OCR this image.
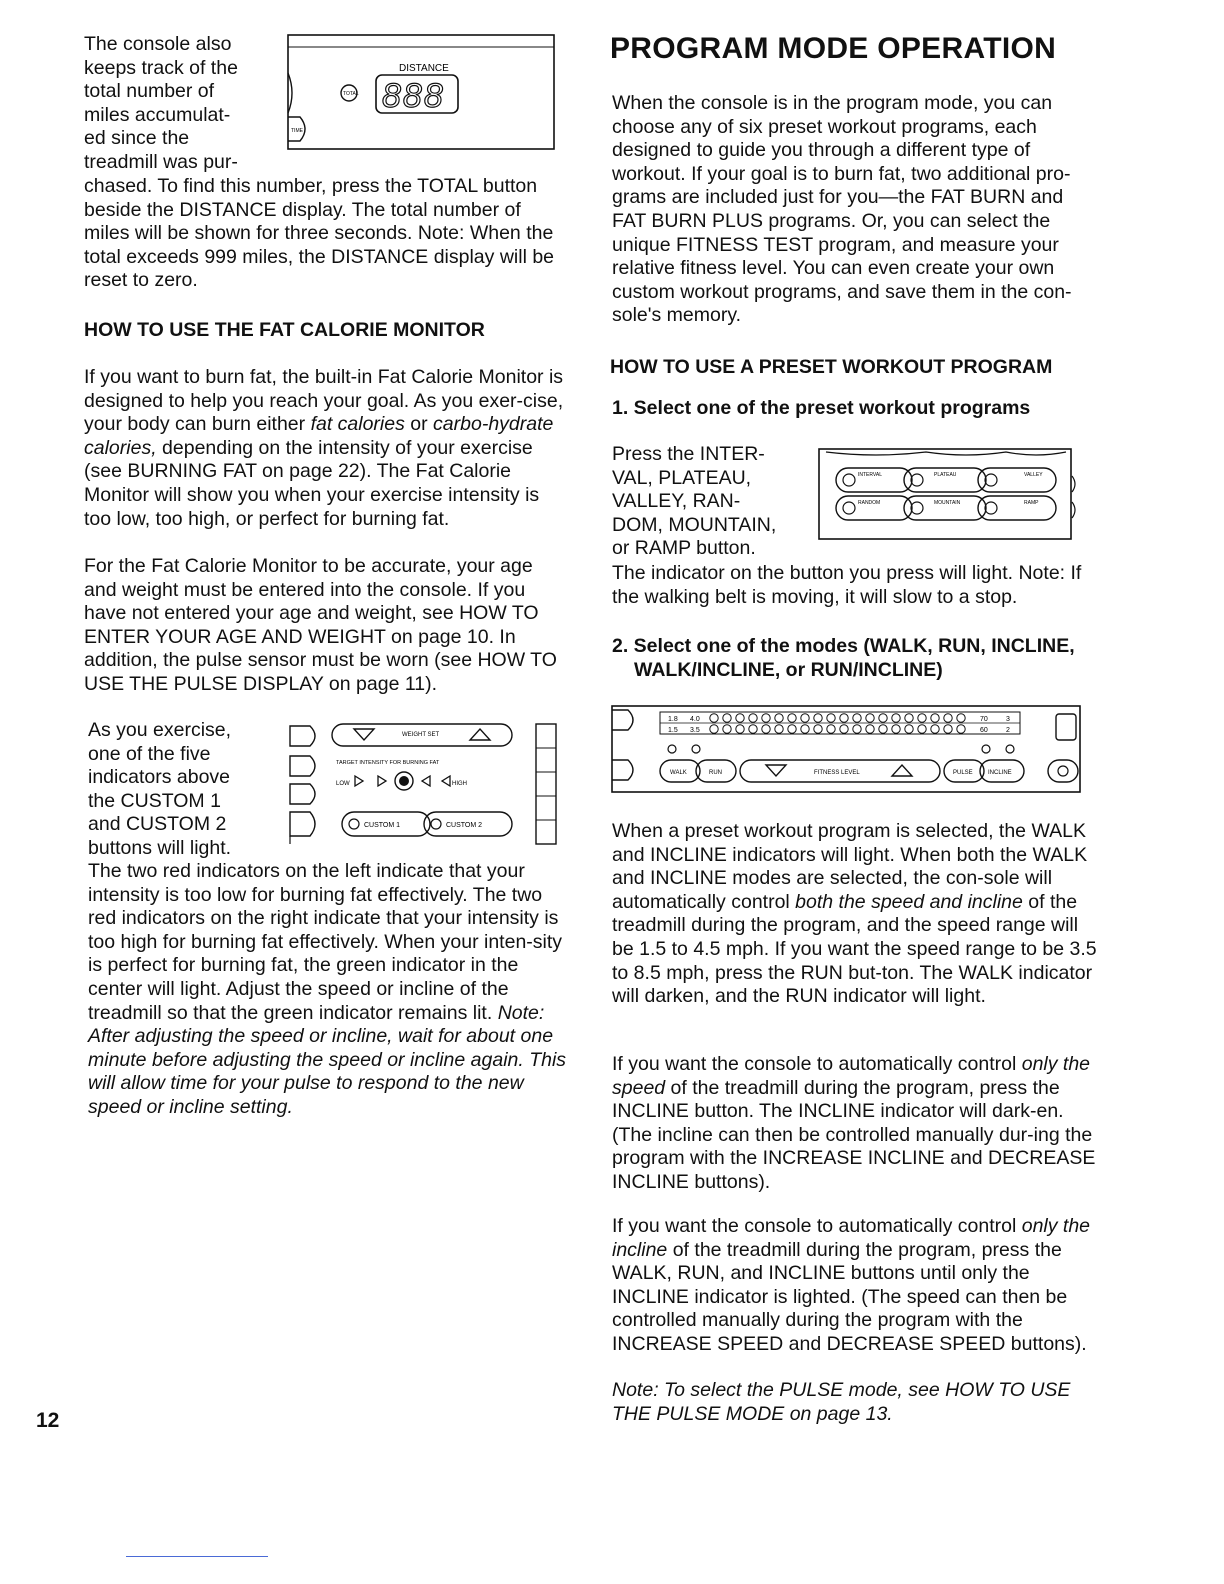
The console also
keeps track of the
total number of
miles accumulat-
ed since the
treadmill was pur-
TIME
TOTAL
DISTANCE
888

chased. To find this number, press the TOTAL button beside the DISTANCE display. The total number of miles will be shown for three seconds. Note: When the total exceeds 999 miles, the DISTANCE display will be reset to zero.

HOW TO USE THE FAT CALORIE MONITOR

If you want to burn fat, the built-in Fat Calorie Monitor is designed to help you reach your goal. As you exer-cise, your body can burn either fat calories or carbo-hydrate calories, depending on the intensity of your exercise (see BURNING FAT on page 22). The Fat Calorie Monitor will show you when your exercise intensity is too low, too high, or perfect for burning fat.

For the Fat Calorie Monitor to be accurate, your age and weight must be entered into the console. If you have not entered your age and weight, see HOW TO ENTER YOUR AGE AND WEIGHT on page 10. In addition, the pulse sensor must be worn (see HOW TO USE THE PULSE DISPLAY on page 11).

As you exercise,
one of the five
indicators above
the CUSTOM 1
and CUSTOM 2
buttons will light.
WEIGHT SET
TARGET INTENSITY FOR BURNING FAT
LOW	HIGH
CUSTOM 1	CUSTOM 2

The two red indicators on the left indicate that your intensity is too low for burning fat effectively. The two red indicators on the right indicate that your intensity is too high for burning fat effectively. When your inten-sity is perfect for burning fat, the green indicator in the center will light. Adjust the speed or incline of the treadmill so that the green indicator remains lit. Note: After adjusting the speed or incline, wait for about one minute before adjusting the speed or incline again. This will allow time for your pulse to respond to the new speed or incline setting.

12
PROGRAM MODE OPERATION

When the console is in the program mode, you can choose any of six preset workout programs, each designed to guide you through a different type of workout. If your goal is to burn fat, two additional pro-grams are included just for you—the FAT BURN and FAT BURN PLUS programs. Or, you can select the unique FITNESS TEST program, and measure your relative fitness level. You can even create your own custom workout programs, and save them in the con-sole's memory.

HOW TO USE A PRESET WORKOUT PROGRAM
1. Select one of the preset workout programs
Press the INTER-
VAL, PLATEAU,
VALLEY, RAN-
DOM, MOUNTAIN,
or RAMP button.
INTERVAL	PLATEAU	VALLEY
RANDOM	MOUNTAIN	RAMP

The indicator on the button you press will light. Note: If the walking belt is moving, it will slow to a stop.

2. Select one of the modes (WALK, RUN, INCLINE,
WALK/INCLINE, or RUN/INCLINE)
1.8 4.0
1.5 3.5
70	3
60	2
WALK	RUN	FITNESS LEVEL	PULSE	INCLINE

When a preset workout program is selected, the WALK and INCLINE indicators will light. When both the WALK and INCLINE modes are selected, the con-sole will automatically control both the speed and incline of the treadmill during the program, and the speed range will be 1.5 to 4.5 mph. If you want the speed range to be 3.5 to 8.5 mph, press the RUN but-ton. The WALK indicator will darken, and the RUN indicator will light.

If you want the console to automatically control only the speed of the treadmill during the program, press the INCLINE button. The INCLINE indicator will dark-en. (The incline can then be controlled manually dur-ing the program with the INCREASE INCLINE and DECREASE INCLINE buttons).

If you want the console to automatically control only the incline of the treadmill during the program, press the WALK, RUN, and INCLINE buttons until only the INCLINE indicator is lighted. (The speed can then be controlled manually during the program with the INCREASE SPEED and DECREASE SPEED buttons).

Note: To select the PULSE mode, see HOW TO USE THE PULSE MODE on page 13.
